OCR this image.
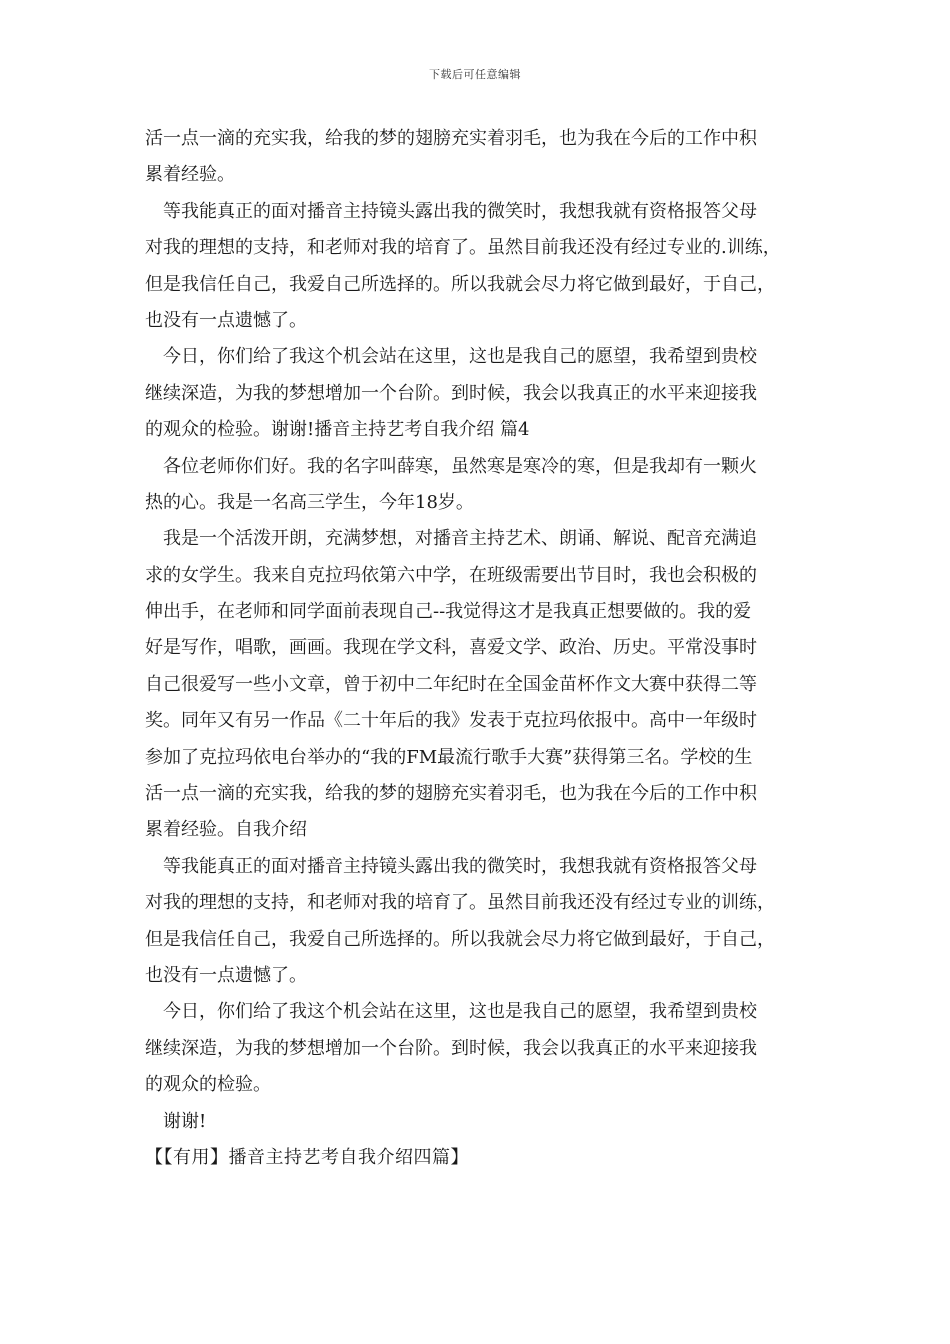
下载后可任意编辑
活一点一滴的充实我，给我的梦的翅膀充实着羽毛，也为我在今后的工作中积
累着经验。
等我能真正的面对播音主持镜头露出我的微笑时，我想我就有资格报答父母
对我的理想的支持，和老师对我的培育了。虽然目前我还没有经过专业的.训练，
但是我信任自己，我爱自己所选择的。所以我就会尽力将它做到最好，于自己，
也没有一点遗憾了。
今日，你们给了我这个机会站在这里，这也是我自己的愿望，我希望到贵校
继续深造，为我的梦想增加一个台阶。到时候，我会以我真正的水平来迎接我
的观众的检验。谢谢!播音主持艺考自我介绍 篇4
各位老师你们好。我的名字叫薛寒，虽然寒是寒冷的寒，但是我却有一颗火
热的心。我是一名高三学生，今年18岁。
我是一个活泼开朗，充满梦想，对播音主持艺术、朗诵、解说、配音充满追
求的女学生。我来自克拉玛依第六中学，在班级需要出节目时，我也会积极的
伸出手，在老师和同学面前表现自己--我觉得这才是我真正想要做的。我的爱
好是写作，唱歌，画画。我现在学文科，喜爱文学、政治、历史。平常没事时
自己很爱写一些小文章，曾于初中二年纪时在全国金苗杯作文大赛中获得二等
奖。同年又有另一作品《二十年后的我》发表于克拉玛依报中。高中一年级时
参加了克拉玛依电台举办的“我的FM最流行歌手大赛”获得第三名。学校的生
活一点一滴的充实我，给我的梦的翅膀充实着羽毛，也为我在今后的工作中积
累着经验。自我介绍
等我能真正的面对播音主持镜头露出我的微笑时，我想我就有资格报答父母
对我的理想的支持，和老师对我的培育了。虽然目前我还没有经过专业的训练，
但是我信任自己，我爱自己所选择的。所以我就会尽力将它做到最好，于自己，
也没有一点遗憾了。
今日，你们给了我这个机会站在这里，这也是我自己的愿望，我希望到贵校
继续深造，为我的梦想增加一个台阶。到时候，我会以我真正的水平来迎接我
的观众的检验。
谢谢!
【【有用】播音主持艺考自我介绍四篇】
